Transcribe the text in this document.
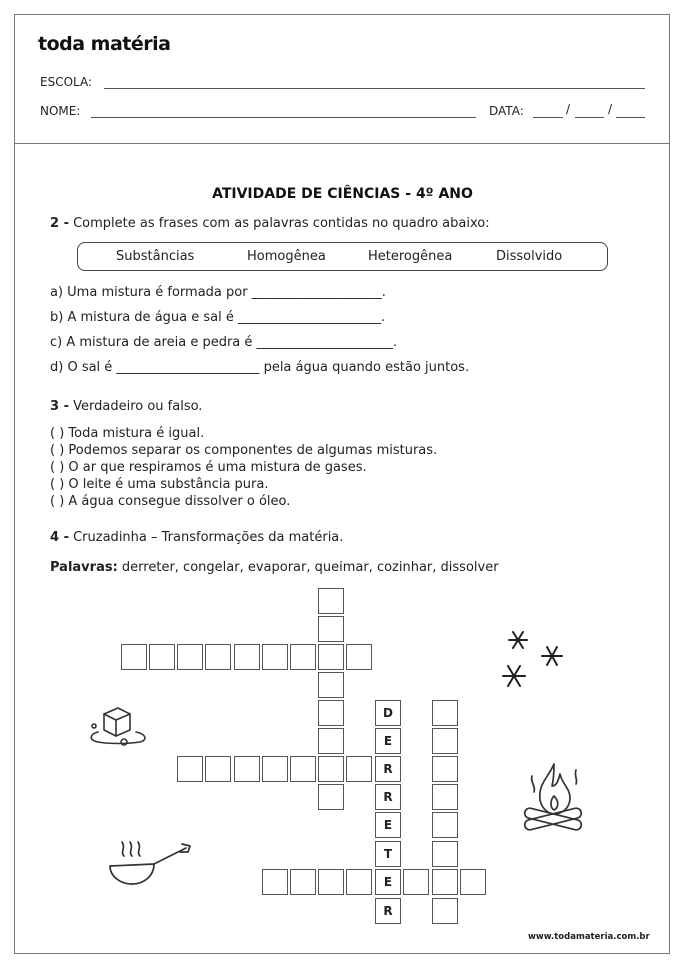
toda matéria
ESCOLA:
NOME:	DATA:	/	/
ATIVIDADE DE CIÊNCIAS - 4º ANO
2 - Complete as frases com as palavras contidas no quadro abaixo:
Substâncias	Homogênea	Heterogênea	Dissolvido
a) Uma mistura é formada por ____________________.
b) A mistura de água e sal é ______________________.
c) A mistura de areia e pedra é _____________________.
d) O sal é ______________________ pela água quando estão juntos.
3 - Verdadeiro ou falso.
( ) Toda mistura é igual.
( ) Podemos separar os componentes de algumas misturas.
( ) O ar que respiramos é uma mistura de gases.
( ) O leite é uma substância pura.
( ) A água consegue dissolver o óleo.
4 - Cruzadinha – Transformações da matéria.
Palavras: derreter, congelar, evaporar, queimar, cozinhar, dissolver
D
E
R
R
E
T
E
R
www.todamateria.com.br
